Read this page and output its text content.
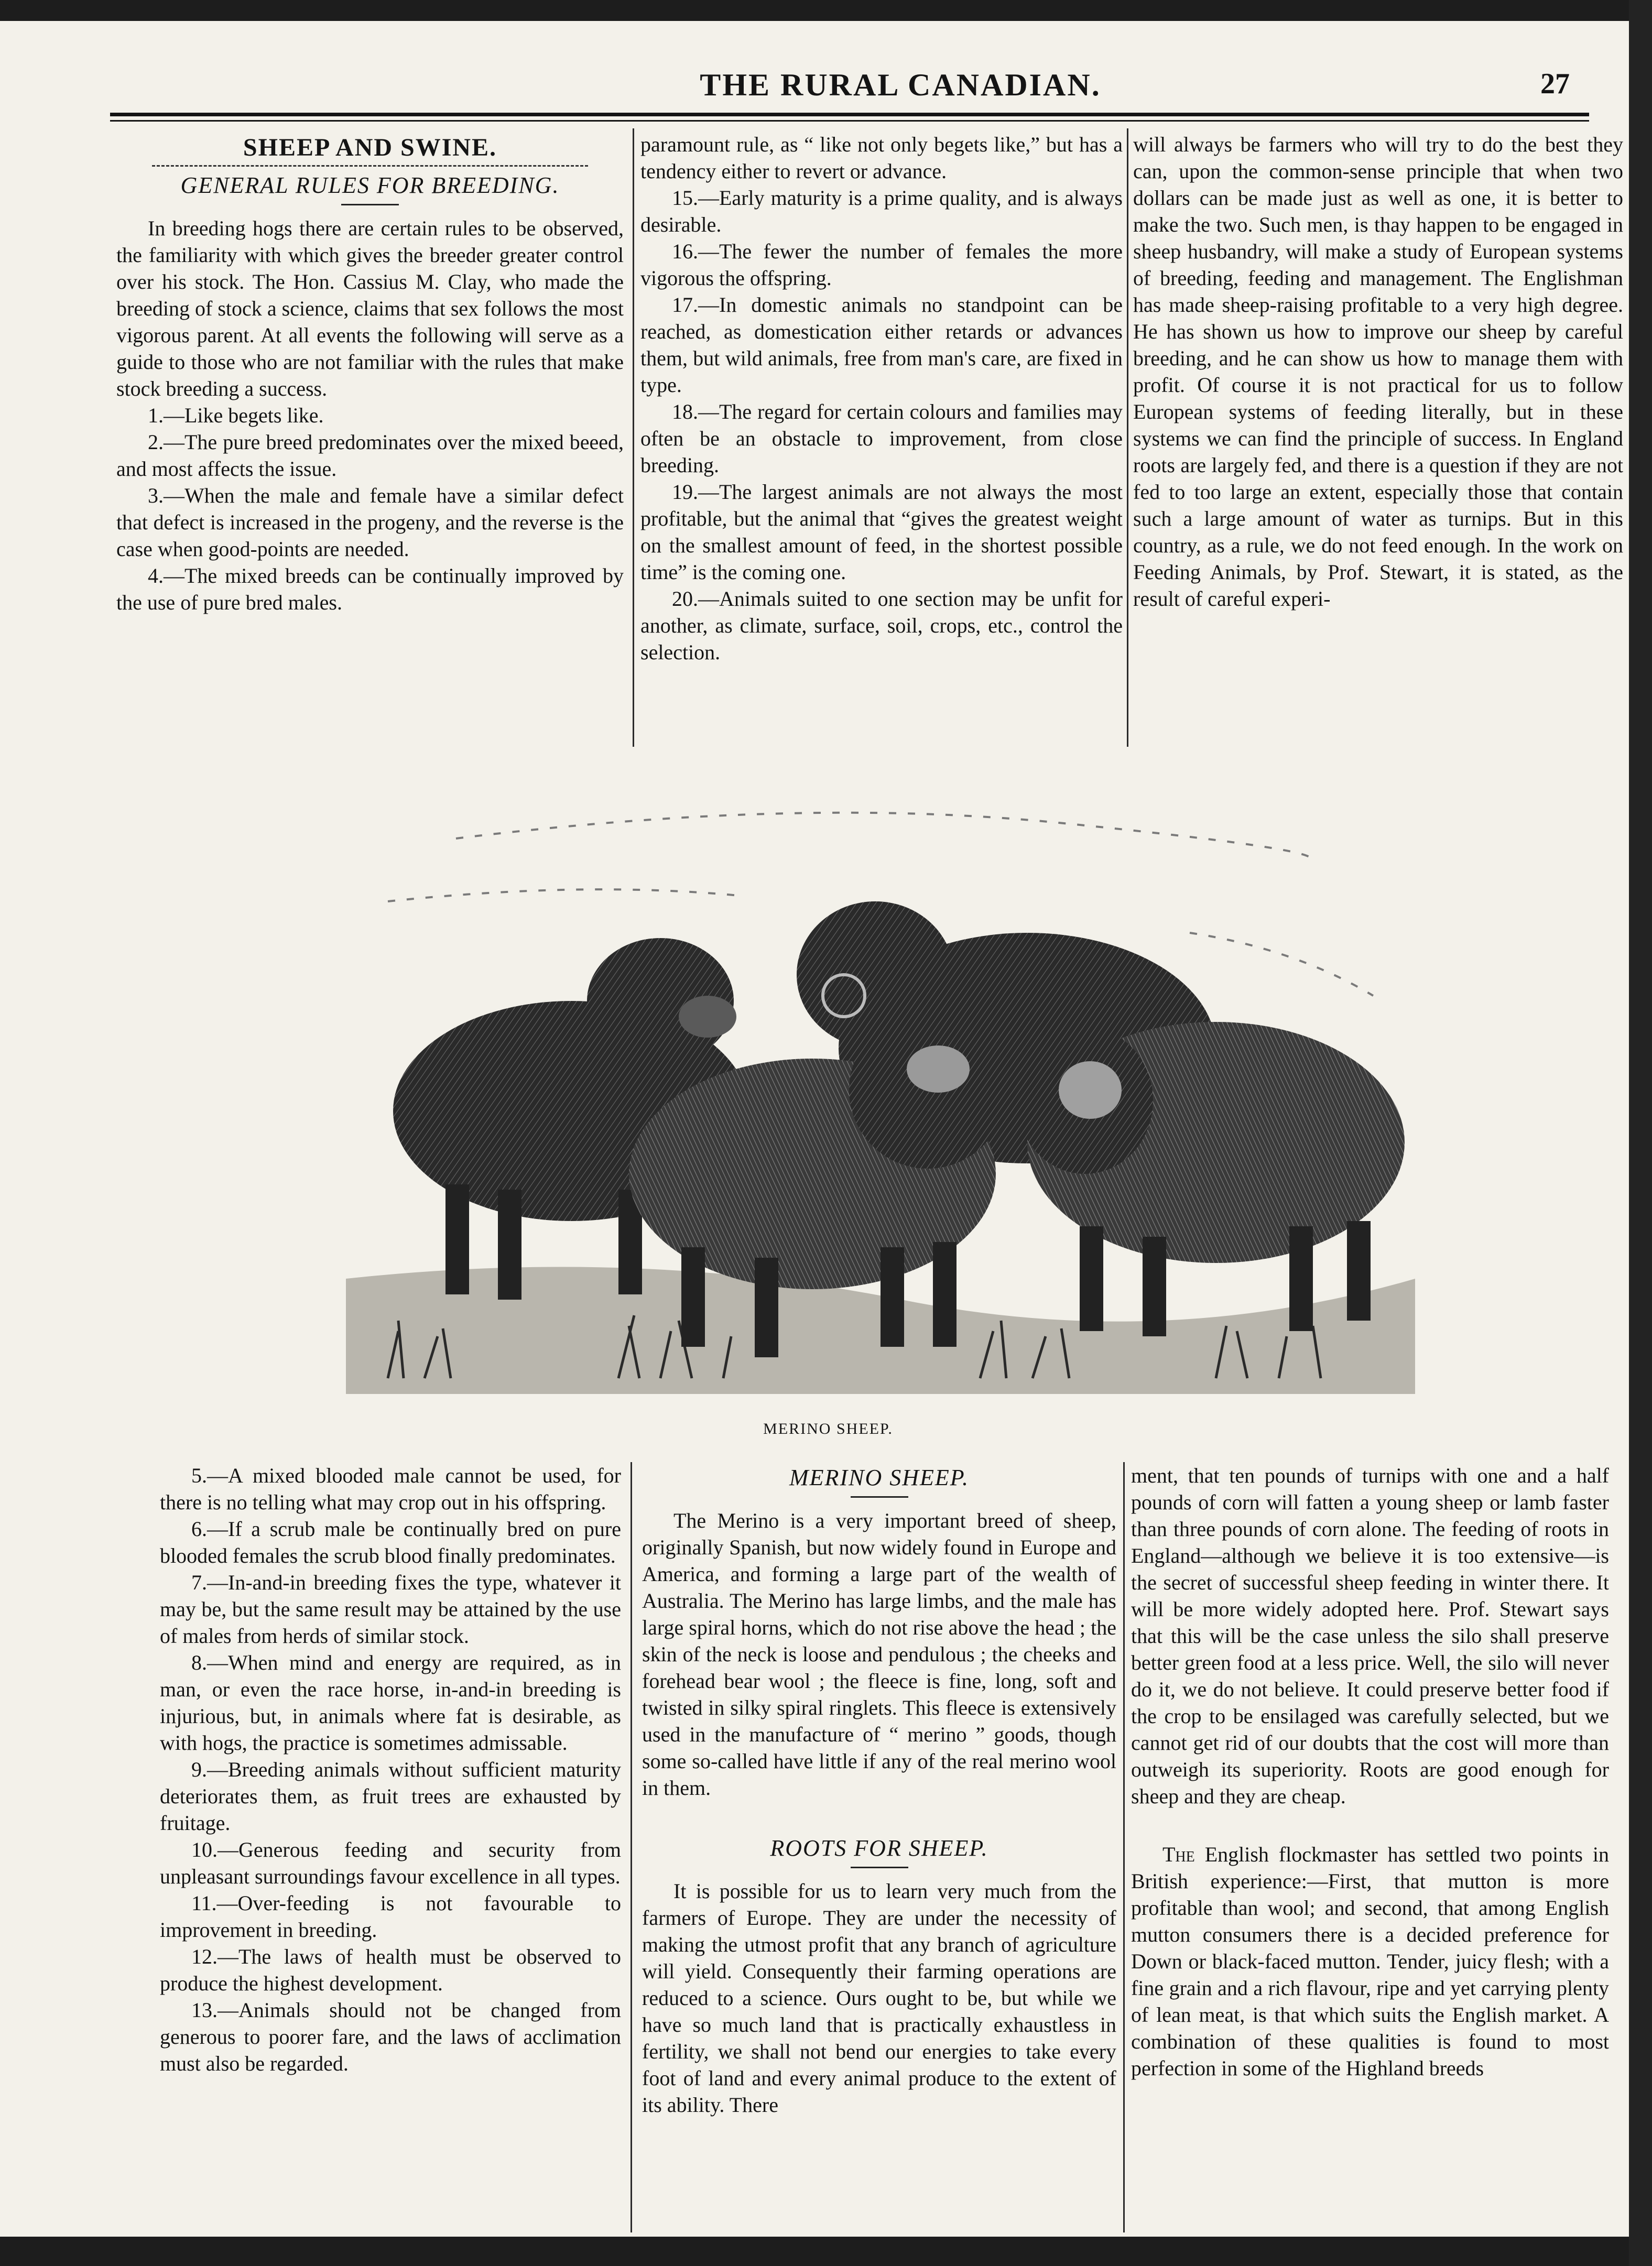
THE RURAL CANADIAN.	27
SHEEP AND SWINE.
GENERAL RULES FOR BREEDING.

In breeding hogs there are certain rules to be observed, the familiarity with which gives the breeder greater control over his stock. The Hon. Cassius M. Clay, who made the breeding of stock a science, claims that sex follows the most vigorous parent. At all events the following will serve as a guide to those who are not familiar with the rules that make stock breeding a success.

1.—Like begets like.

2.—The pure breed predominates over the mixed beeed, and most affects the issue.

3.—When the male and female have a similar defect that defect is increased in the progeny, and the reverse is the case when good-points are needed.

4.—The mixed breeds can be continually improved by the use of pure bred males.

paramount rule, as “ like not only begets like,” but has a tendency either to revert or advance.

15.—Early maturity is a prime quality, and is always desirable.

16.—The fewer the number of females the more vigorous the offspring.

17.—In domestic animals no standpoint can be reached, as domestication either retards or advances them, but wild animals, free from man's care, are fixed in type.

18.—The regard for certain colours and families may often be an obstacle to improvement, from close breeding.

19.—The largest animals are not always the most profitable, but the animal that “gives the greatest weight on the smallest amount of feed, in the shortest possible time” is the coming one.

20.—Animals suited to one section may be unfit for another, as climate, surface, soil, crops, etc., control the selection.

will always be farmers who will try to do the best they can, upon the common-sense principle that when two dollars can be made just as well as one, it is better to make the two. Such men, is thay happen to be engaged in sheep husbandry, will make a study of European systems of breeding, feeding and management. The Englishman has made sheep-raising profitable to a very high degree. He has shown us how to improve our sheep by careful breeding, and he can show us how to manage them with profit. Of course it is not practical for us to follow European systems of feeding literally, but in these systems we can find the principle of success. In England roots are largely fed, and there is a question if they are not fed to too large an extent, especially those that contain such a large amount of water as turnips. But in this country, as a rule, we do not feed enough. In the work on Feeding Animals, by Prof. Stewart, it is stated, as the result of careful experi-

MERINO SHEEP.

5.—A mixed blooded male cannot be used, for there is no telling what may crop out in his offspring.

6.—If a scrub male be continually bred on pure blooded females the scrub blood finally predominates.

7.—In-and-in breeding fixes the type, whatever it may be, but the same result may be attained by the use of males from herds of similar stock.

8.—When mind and energy are required, as in man, or even the race horse, in-and-in breeding is injurious, but, in animals where fat is desirable, as with hogs, the practice is sometimes admissable.

9.—Breeding animals without sufficient maturity deteriorates them, as fruit trees are exhausted by fruitage.

10.—Generous feeding and security from unpleasant surroundings favour excellence in all types.

11.—Over-feeding is not favourable to improvement in breeding.

12.—The laws of health must be observed to produce the highest development.

13.—Animals should not be changed from generous to poorer fare, and the laws of acclimation must also be regarded.

MERINO SHEEP.

The Merino is a very important breed of sheep, originally Spanish, but now widely found in Europe and America, and forming a large part of the wealth of Australia. The Merino has large limbs, and the male has large spiral horns, which do not rise above the head ; the skin of the neck is loose and pendulous ; the cheeks and forehead bear wool ; the fleece is fine, long, soft and twisted in silky spiral ringlets. This fleece is extensively used in the manufacture of “ merino ” goods, though some so-called have little if any of the real merino wool in them.

ROOTS FOR SHEEP.

It is possible for us to learn very much from the farmers of Europe. They are under the necessity of making the utmost profit that any branch of agriculture will yield. Consequently their farming operations are reduced to a science. Ours ought to be, but while we have so much land that is practically exhaustless in fertility, we shall not bend our energies to take every foot of land and every animal produce to the extent of its ability. There

ment, that ten pounds of turnips with one and a half pounds of corn will fatten a young sheep or lamb faster than three pounds of corn alone. The feeding of roots in England—although we believe it is too extensive—is the secret of successful sheep feeding in winter there. It will be more widely adopted here. Prof. Stewart says that this will be the case unless the silo shall preserve better green food at a less price. Well, the silo will never do it, we do not believe. It could preserve better food if the crop to be ensilaged was carefully selected, but we cannot get rid of our doubts that the cost will more than outweigh its superiority. Roots are good enough for sheep and they are cheap.

The English flockmaster has settled two points in British experience:—First, that mutton is more profitable than wool; and second, that among English mutton consumers there is a decided preference for Down or black-faced mutton. Tender, juicy flesh; with a fine grain and a rich flavour, ripe and yet carrying plenty of lean meat, is that which suits the English market. A combination of these qualities is found to most perfection in some of the Highland breeds
